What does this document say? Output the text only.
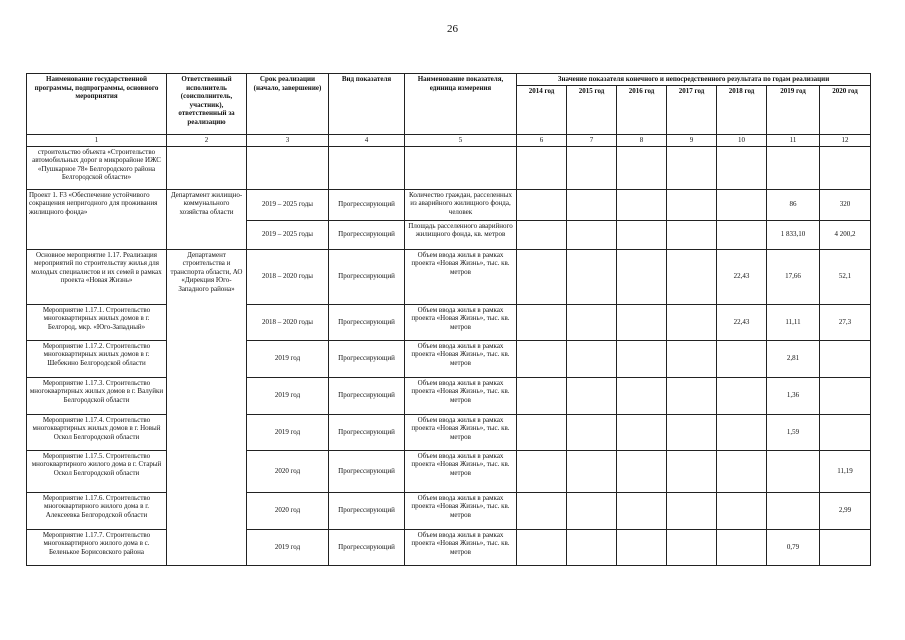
26
Наименование государственной программы, подпрограммы, основного мероприятия	Ответственный исполнитель (соисполнитель, участник), ответственный за реализацию	Срок реализации (начало, завершение)	Вид показателя	Наименование показателя, единица измерения	Значение показателя конечного и непосредственного результата по годам реализации						
					2014 год	2015 год	2016 год	2017 год	2018 год	2019 год	2020 год
1	2	3	4	5	6	7	8	9	10	11	12
строительство объекта «Строительство автомобильных дорог в микрорайоне ИЖС «Пушкарное 78» Белгородского района Белгородской области»											
Проект 1. F3 «Обеспечение устойчивого сокращения непригодного для проживания жилищного фонда»	Департамент жилищно-коммунального хозяйства области	2019 – 2025 годы	Прогрессирующий	Количество граждан, расселенных из аварийного жилищного фонда, человек						86	320
		2019 – 2025 годы	Прогрессирующий	Площадь расселенного аварийного жилищного фонда, кв. метров						1 833,10	4 200,2
Основное мероприятие 1.17. Реализация мероприятий по строительству жилья для молодых специалистов и их семей в рамках проекта «Новая Жизнь»	Департамент строительства и транспорта области, АО «Дирекция Юго-Западного района»	2018 – 2020 годы	Прогрессирующий	Объем ввода жилья в рамках проекта «Новая Жизнь», тыс. кв. метров					22,43	17,66	52,1
Мероприятие 1.17.1. Строительство многоквартирных жилых домов в г. Белгород, мкр. «Юго-Западный»		2018 – 2020 годы	Прогрессирующий	Объем ввода жилья в рамках проекта «Новая Жизнь», тыс. кв. метров					22,43	11,11	27,3
Мероприятие 1.17.2. Строительство многоквартирных жилых домов в г. Шебекино Белгородской области		2019 год	Прогрессирующий	Объем ввода жилья в рамках проекта «Новая Жизнь», тыс. кв. метров						2,81	
Мероприятие 1.17.3. Строительство многоквартирных жилых домов в г. Валуйки Белгородской области		2019 год	Прогрессирующий	Объем ввода жилья в рамках проекта «Новая Жизнь», тыс. кв. метров						1,36	
Мероприятие 1.17.4. Строительство многоквартирных жилых домов в г. Новый Оскол Белгородской области		2019 год	Прогрессирующий	Объем ввода жилья в рамках проекта «Новая Жизнь», тыс. кв. метров						1,59	
Мероприятие 1.17.5. Строительство многоквартирного жилого дома в г. Старый Оскол Белгородской области		2020 год	Прогрессирующий	Объем ввода жилья в рамках проекта «Новая Жизнь», тыс. кв. метров							11,19
Мероприятие 1.17.6. Строительство многоквартирного жилого дома в г. Алексеевка Белгородской области		2020 год	Прогрессирующий	Объем ввода жилья в рамках проекта «Новая Жизнь», тыс. кв. метров							2,99
Мероприятие 1.17.7. Строительство многоквартирного жилого дома в с. Беленькое Борисовского района		2019 год	Прогрессирующий	Объем ввода жилья в рамках проекта «Новая Жизнь», тыс. кв. метров						0,79	
